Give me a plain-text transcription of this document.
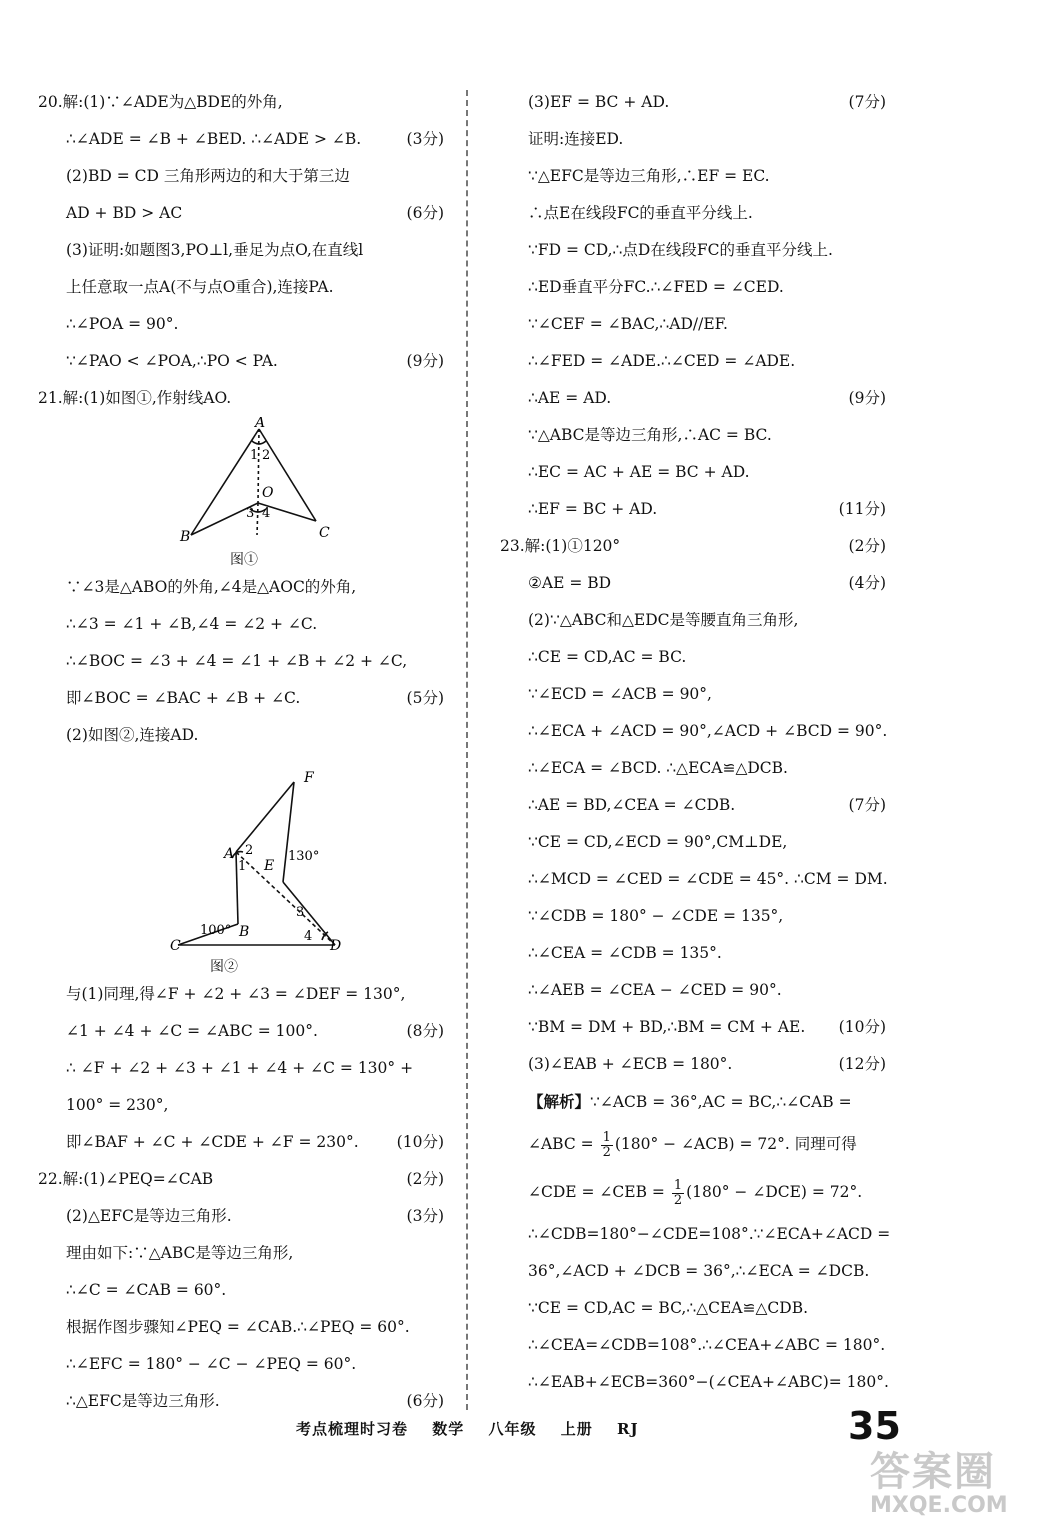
20.解:(1)∵∠ADE为△BDE的外角,
∴∠ADE = ∠B + ∠BED. ∴∠ADE > ∠B.	(3分)
(2)BD = CD 三角形两边的和大于第三边
AD + BD > AC	(6分)
(3)证明:如题图3,PO⊥l,垂足为点O,在直线l
上任意取一点A(不与点O重合),连接PA.
∴∠POA = 90°.
∵∠PAO < ∠POA,∴PO < PA.	(9分)
21.解:(1)如图①,作射线AO.
A
1 2
O
3 4
B	C
图①
∵∠3是△ABO的外角,∠4是△AOC的外角,
∴∠3 = ∠1 + ∠B,∠4 = ∠2 + ∠C.
∴∠BOC = ∠3 + ∠4 = ∠1 + ∠B + ∠2 + ∠C,
即∠BOC = ∠BAC + ∠B + ∠C.	(5分)
(2)如图②,连接AD.
F
A 2
1 E
130°
3
4
100° B
C	D
图②
与(1)同理,得∠F + ∠2 + ∠3 = ∠DEF = 130°,
∠1 + ∠4 + ∠C = ∠ABC = 100°.	(8分)
∴ ∠F + ∠2 + ∠3 + ∠1 + ∠4 + ∠C = 130° +
100° = 230°,
即∠BAF + ∠C + ∠CDE + ∠F = 230°. (10分)
22.解:(1)∠PEQ=∠CAB	(2分)
(2)△EFC是等边三角形.	(3分)
理由如下:∵△ABC是等边三角形,
∴∠C = ∠CAB = 60°.
根据作图步骤知∠PEQ = ∠CAB.∴∠PEQ = 60°.
∴∠EFC = 180° − ∠C − ∠PEQ = 60°.
∴△EFC是等边三角形.	(6分)
(3)EF = BC + AD.	(7分)
证明:连接ED.
∵△EFC是等边三角形,∴EF = EC.
∴点E在线段FC的垂直平分线上.
∵FD = CD,∴点D在线段FC的垂直平分线上.
∴ED垂直平分FC.∴∠FED = ∠CED.
∵∠CEF = ∠BAC,∴AD//EF.
∴∠FED = ∠ADE.∴∠CED = ∠ADE.
∴AE = AD.	(9分)
∵△ABC是等边三角形,∴AC = BC.
∴EC = AC + AE = BC + AD.
∴EF = BC + AD.	(11分)
23.解:(1)①120°	(2分)
②AE = BD	(4分)
(2)∵△ABC和△EDC是等腰直角三角形,
∴CE = CD,AC = BC.
∵∠ECD = ∠ACB = 90°,
∴∠ECA + ∠ACD = 90°,∠ACD + ∠BCD = 90°.
∴∠ECA = ∠BCD. ∴△ECA≌△DCB.
∴AE = BD,∠CEA = ∠CDB.	(7分)
∵CE = CD,∠ECD = 90°,CM⊥DE,
∴∠MCD = ∠CED = ∠CDE = 45°. ∴CM = DM.
∵∠CDB = 180° − ∠CDE = 135°,
∴∠CEA = ∠CDB = 135°.
∴∠AEB = ∠CEA − ∠CED = 90°.
∵BM = DM + BD,∴BM = CM + AE. (10分)
(3)∠EAB + ∠ECB = 180°.	(12分)
【解析】∵∠ACB = 36°,AC = BC,∴∠CAB =
∠ABC = $\frac{1}{2} (180^\circ$ − ∠ACB) = 72°. 同理可得
∠CDE = ∠CEB = $\frac{1}{2} (180^\circ$ − ∠DCE) = 72°.
∴∠CDB=180°−∠CDE=108°.∵∠ECA+∠ACD =
36°,∠ACD + ∠DCB = 36°,∴∠ECA = ∠DCB.
∵CE = CD,AC = BC,∴△CEA≌△CDB.
∴∠CEA=∠CDB=108°.∴∠CEA+∠ABC = 180°.
∴∠EAB+∠ECB=360°−(∠CEA+∠ABC)= 180°.
考点梳理时习卷 数学 八年级 上册 RJ	35
答案圈
MXQE.COM
